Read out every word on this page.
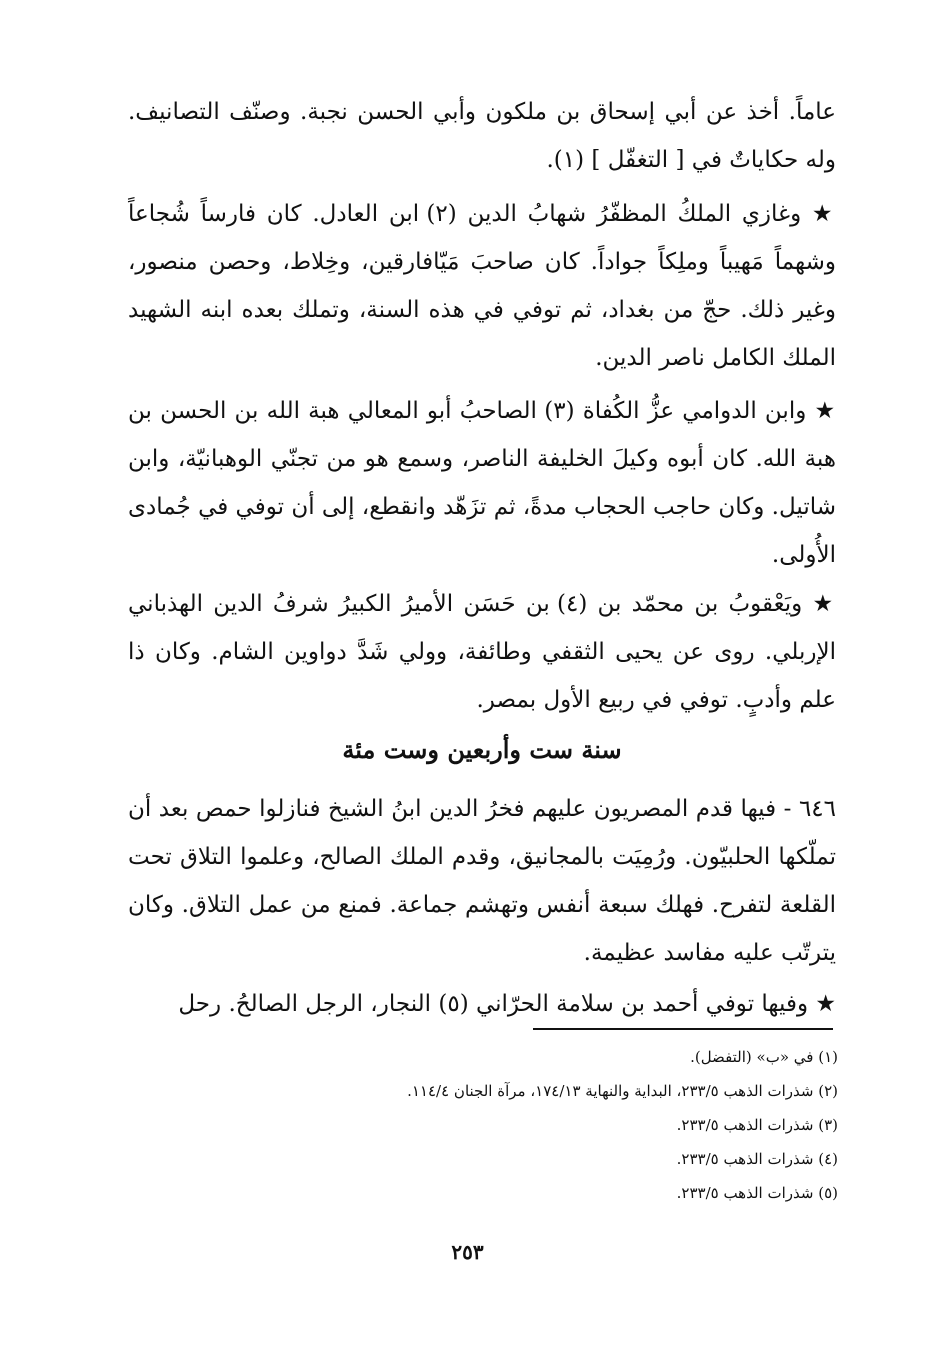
عاماً. أخذ عن أبي إسحاق بن ملكون وأبي الحسن نجبة. وصنّف التصانيف. وله حكاياتٌ في [ التغفّل ] (١).
★ وغازي الملكُ المظفّرُ شهابُ الدين (٢) ابن العادل. كان فارساً شُجاعاً وشهماً مَهيباً وملِكاً جواداً. كان صاحبَ مَيّافارقين، وخِلاط، وحصن منصور، وغير ذلك. حجّ من بغداد، ثم توفي في هذه السنة، وتملك بعده ابنه الشهيد الملك الكامل ناصر الدين.
★ وابن الدوامي عزُّ الكُفاة (٣) الصاحبُ أبو المعالي هبة الله بن الحسن بن هبة الله. كان أبوه وكيلَ الخليفة الناصر، وسمع هو من تجنّي الوهبانيّة، وابن شاتيل. وكان حاجب الحجاب مدةً، ثم تزَهّد وانقطع، إلى أن توفي في جُمادى الأُولى.
★ ويَعْقوبُ بن محمّد بن (٤) بن حَسَن الأميرُ الكبيرُ شرفُ الدين الهذباني الإربلي. روى عن يحيى الثقفي وطائفة، وولي شَدَّ دواوين الشام. وكان ذا علم وأدبٍ. توفي في ربيع الأول بمصر.
سنة ست وأربعين وست مئة
٦٤٦ - فيها قدم المصريون عليهم فخرُ الدين ابنُ الشيخ فنازلوا حمص بعد أن تملّكها الحلبيّون. ورُمِيَت بالمجانيق، وقدم الملك الصالح، وعلموا التلاق تحت القلعة لتفرح. فهلك سبعة أنفس وتهشم جماعة. فمنع من عمل التلاق. وكان يترتّب عليه مفاسد عظيمة.
★ وفيها توفي أحمد بن سلامة الحرّاني (٥) النجار، الرجل الصالحُ. رحل
(١) في «ب» (التفضل).
(٢) شذرات الذهب ٢٣٣/٥، البداية والنهاية ١٧٤/١٣، مرآة الجنان ١١٤/٤.
(٣) شذرات الذهب ٢٣٣/٥.
(٤) شذرات الذهب ٢٣٣/٥.
(٥) شذرات الذهب ٢٣٣/٥.
٢٥٣
